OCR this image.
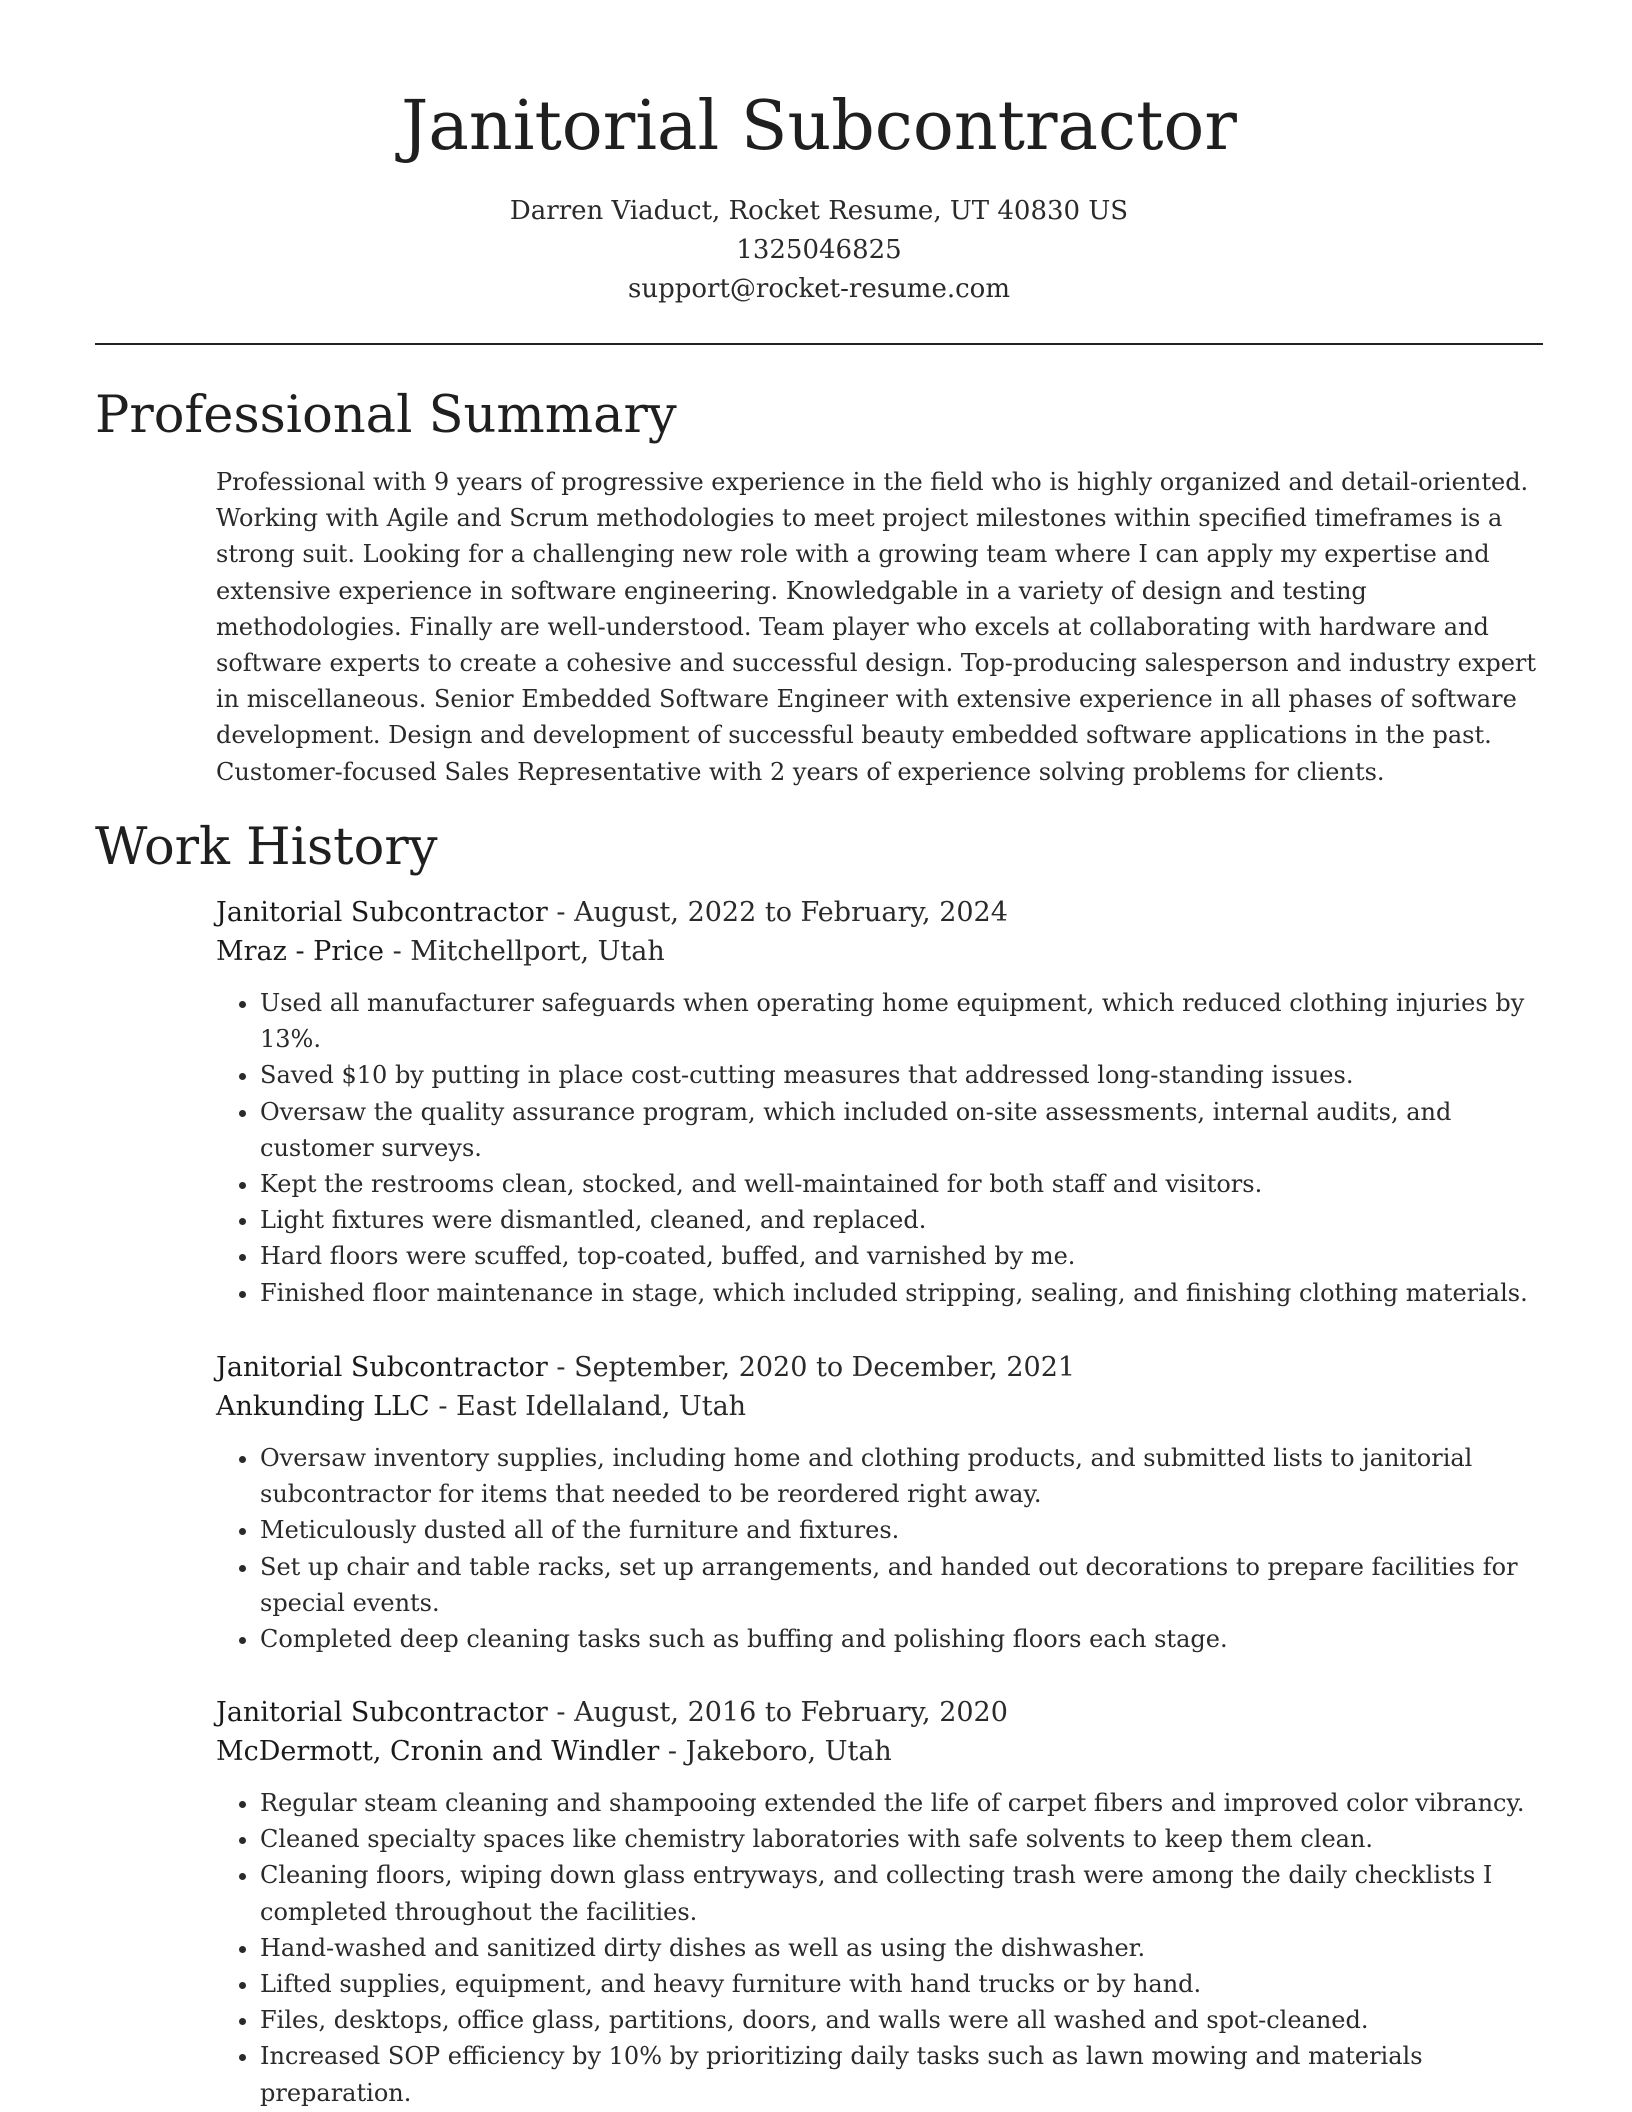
Janitorial Subcontractor
Darren Viaduct, Rocket Resume, UT 40830 US
1325046825
support@rocket-resume.com
Professional Summary

Professional with 9 years of progressive experience in the field who is highly organized and detail-oriented. Working with Agile and Scrum methodologies to meet project milestones within specified timeframes is a strong suit. Looking for a challenging new role with a growing team where I can apply my expertise and extensive experience in software engineering. Knowledgable in a variety of design and testing methodologies. Finally are well-understood. Team player who excels at collaborating with hardware and software experts to create a cohesive and successful design. Top-producing salesperson and industry expert in miscellaneous. Senior Embedded Software Engineer with extensive experience in all phases of software development. Design and development of successful beauty embedded software applications in the past. Customer-focused Sales Representative with 2 years of experience solving problems for clients.

Work History
Janitorial Subcontractor - August, 2022 to February, 2024
Mraz - Price - Mitchellport, Utah
• Used all manufacturer safeguards when operating home equipment, which reduced clothing injuries by 13%.
• Saved $10 by putting in place cost-cutting measures that addressed long-standing issues.
• Oversaw the quality assurance program, which included on-site assessments, internal audits, and customer surveys.
• Kept the restrooms clean, stocked, and well-maintained for both staff and visitors.
• Light fixtures were dismantled, cleaned, and replaced.
• Hard floors were scuffed, top-coated, buffed, and varnished by me.
• Finished floor maintenance in stage, which included stripping, sealing, and finishing clothing materials.
Janitorial Subcontractor - September, 2020 to December, 2021
Ankunding LLC - East Idellaland, Utah
• Oversaw inventory supplies, including home and clothing products, and submitted lists to janitorial subcontractor for items that needed to be reordered right away.
• Meticulously dusted all of the furniture and fixtures.
• Set up chair and table racks, set up arrangements, and handed out decorations to prepare facilities for special events.
• Completed deep cleaning tasks such as buffing and polishing floors each stage.
Janitorial Subcontractor - August, 2016 to February, 2020
McDermott, Cronin and Windler - Jakeboro, Utah
• Regular steam cleaning and shampooing extended the life of carpet fibers and improved color vibrancy.
• Cleaned specialty spaces like chemistry laboratories with safe solvents to keep them clean.
• Cleaning floors, wiping down glass entryways, and collecting trash were among the daily checklists I completed throughout the facilities.
• Hand-washed and sanitized dirty dishes as well as using the dishwasher.
• Lifted supplies, equipment, and heavy furniture with hand trucks or by hand.
• Files, desktops, office glass, partitions, doors, and walls were all washed and spot-cleaned.
• Increased SOP efficiency by 10% by prioritizing daily tasks such as lawn mowing and materials preparation.
